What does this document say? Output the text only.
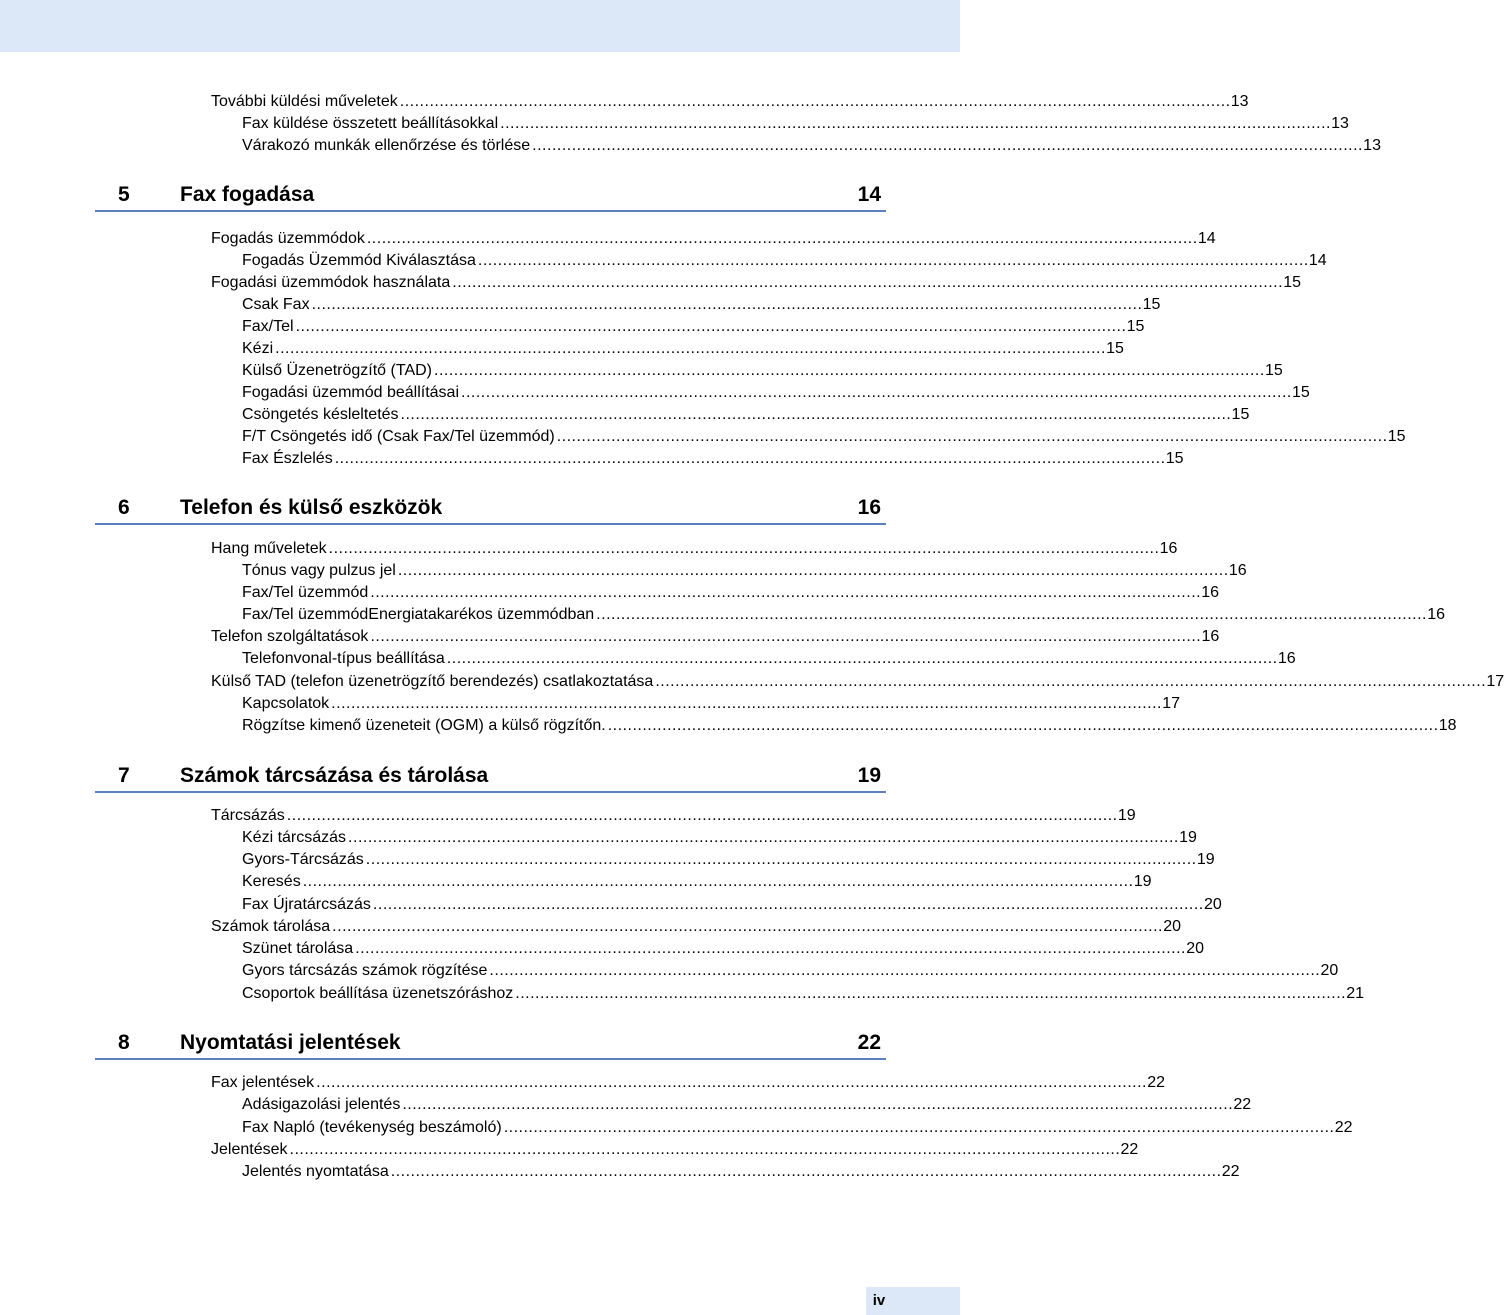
További küldési műveletek ........................................................................................................................................................................ 13
Fax küldése összetett beállításokkal ........................................................................................................................................................................ 13
Várakozó munkák ellenőrzése és törlése ........................................................................................................................................................................ 13
5 Fax fogadása	14
Fogadás üzemmódok ........................................................................................................................................................................ 14
Fogadás Üzemmód Kiválasztása ........................................................................................................................................................................ 14
Fogadási üzemmódok használata ........................................................................................................................................................................ 15
Csak Fax ........................................................................................................................................................................ 15
Fax/Tel ........................................................................................................................................................................ 15
Kézi ........................................................................................................................................................................ 15
Külső Üzenetrögzítő (TAD) ........................................................................................................................................................................ 15
Fogadási üzemmód beállításai ........................................................................................................................................................................ 15
Csöngetés késleltetés ........................................................................................................................................................................ 15
F/T Csöngetés idő (Csak Fax/Tel üzemmód) ........................................................................................................................................................................ 15
Fax Észlelés ........................................................................................................................................................................ 15
6 Telefon és külső eszközök	16
Hang műveletek ........................................................................................................................................................................ 16
Tónus vagy pulzus jel ........................................................................................................................................................................ 16
Fax/Tel üzemmód ........................................................................................................................................................................ 16
Fax/Tel üzemmódEnergiatakarékos üzemmódban ........................................................................................................................................................................ 16
Telefon szolgáltatások ........................................................................................................................................................................ 16
Telefonvonal-típus beállítása ........................................................................................................................................................................ 16
Külső TAD (telefon üzenetrögzítő berendezés) csatlakoztatása ........................................................................................................................................................................ 17
Kapcsolatok ........................................................................................................................................................................ 17
Rögzítse kimenő üzeneteit (OGM) a külső rögzítőn. ........................................................................................................................................................................ 18
7 Számok tárcsázása és tárolása	19
Tárcsázás ........................................................................................................................................................................ 19
Kézi tárcsázás ........................................................................................................................................................................ 19
Gyors-Tárcsázás ........................................................................................................................................................................ 19
Keresés ........................................................................................................................................................................ 19
Fax Újratárcsázás ........................................................................................................................................................................ 20
Számok tárolása ........................................................................................................................................................................ 20
Szünet tárolása ........................................................................................................................................................................ 20
Gyors tárcsázás számok rögzítése ........................................................................................................................................................................ 20
Csoportok beállítása üzenetszóráshoz ........................................................................................................................................................................ 21
8 Nyomtatási jelentések	22
Fax jelentések ........................................................................................................................................................................ 22
Adásigazolási jelentés ........................................................................................................................................................................ 22
Fax Napló (tevékenység beszámoló) ........................................................................................................................................................................ 22
Jelentések ........................................................................................................................................................................ 22
Jelentés nyomtatása ........................................................................................................................................................................ 22
iv
